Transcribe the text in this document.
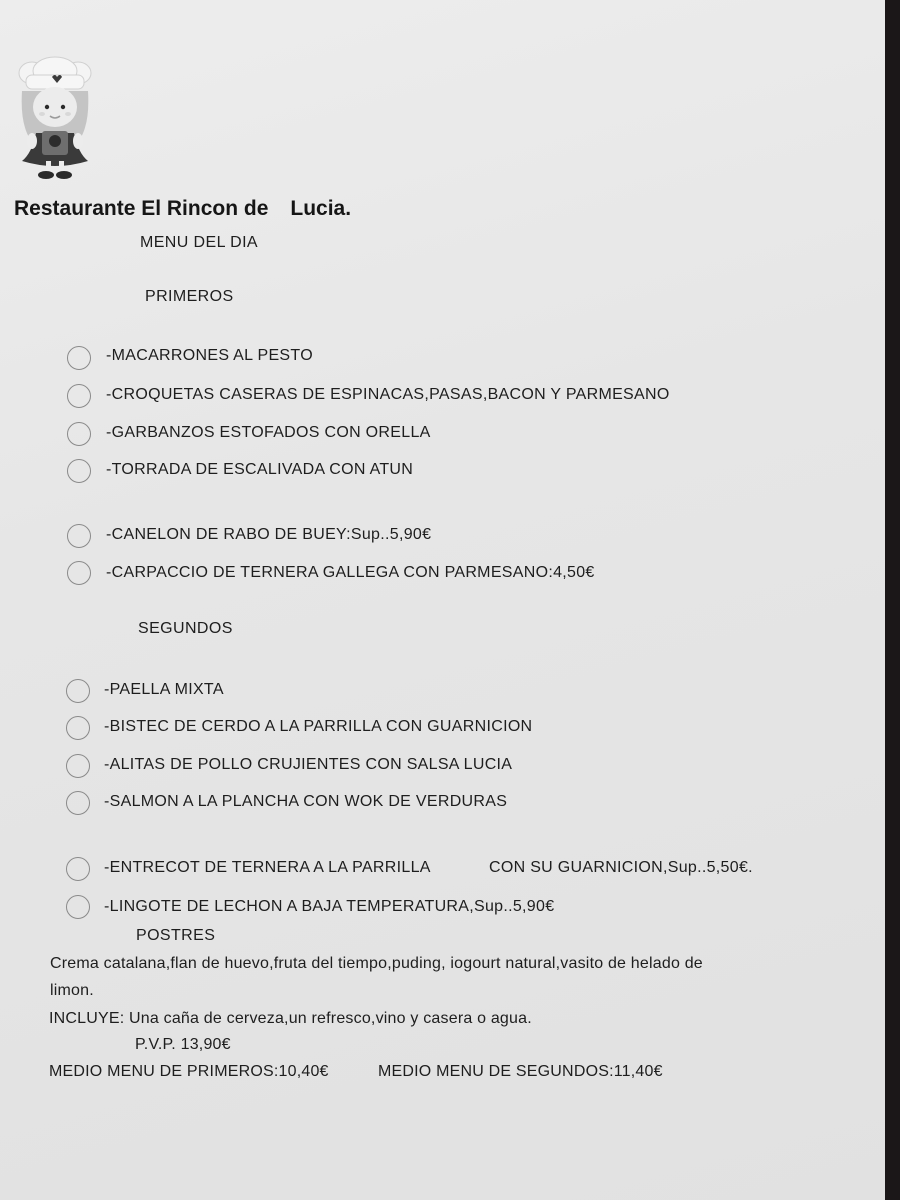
Restaurante El Rincon de Lucia.
MENU DEL DIA
PRIMEROS
-MACARRONES AL PESTO
-CROQUETAS CASERAS DE ESPINACAS,PASAS,BACON Y PARMESANO
-GARBANZOS ESTOFADOS CON ORELLA
-TORRADA DE ESCALIVADA CON ATUN
-CANELON DE RABO DE BUEY:Sup..5,90€
-CARPACCIO DE TERNERA GALLEGA CON PARMESANO:4,50€
SEGUNDOS
-PAELLA MIXTA
-BISTEC DE CERDO A LA PARRILLA CON GUARNICION
-ALITAS DE POLLO CRUJIENTES CON SALSA LUCIA
-SALMON A LA PLANCHA CON WOK DE VERDURAS
-ENTRECOT DE TERNERA A LA PARRILLA	CON SU GUARNICION,Sup..5,50€.
-LINGOTE DE LECHON A BAJA TEMPERATURA,Sup..5,90€
POSTRES
Crema catalana,flan de huevo,fruta del tiempo,puding, iogourt natural,vasito de helado de
limon.
INCLUYE: Una caña de cerveza,un refresco,vino y casera o agua.
P.V.P. 13,90€
MEDIO MENU DE PRIMEROS:10,40€	MEDIO MENU DE SEGUNDOS:11,40€
